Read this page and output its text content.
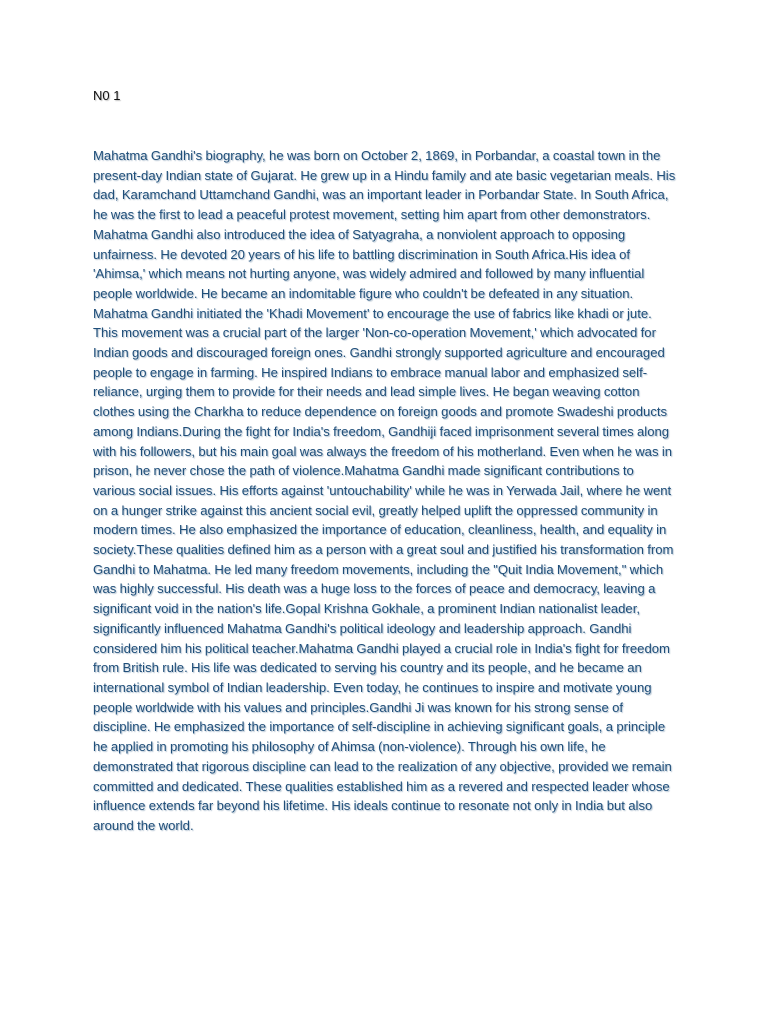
N0 1

Mahatma Gandhi's biography, he was born on October 2, 1869, in Porbandar, a coastal town in the present-day Indian state of Gujarat. He grew up in a Hindu family and ate basic vegetarian meals. His dad, Karamchand Uttamchand Gandhi, was an important leader in Porbandar State. In South Africa, he was the first to lead a peaceful protest movement, setting him apart from other demonstrators. Mahatma Gandhi also introduced the idea of Satyagraha, a nonviolent approach to opposing unfairness. He devoted 20 years of his life to battling discrimination in South Africa.His idea of 'Ahimsa,' which means not hurting anyone, was widely admired and followed by many influential people worldwide. He became an indomitable figure who couldn't be defeated in any situation. Mahatma Gandhi initiated the 'Khadi Movement' to encourage the use of fabrics like khadi or jute. This movement was a crucial part of the larger 'Non-co-operation Movement,' which advocated for Indian goods and discouraged foreign ones. Gandhi strongly supported agriculture and encouraged people to engage in farming. He inspired Indians to embrace manual labor and emphasized self-reliance, urging them to provide for their needs and lead simple lives. He began weaving cotton clothes using the Charkha to reduce dependence on foreign goods and promote Swadeshi products among Indians.During the fight for India's freedom, Gandhiji faced imprisonment several times along with his followers, but his main goal was always the freedom of his motherland. Even when he was in prison, he never chose the path of violence.Mahatma Gandhi made significant contributions to various social issues. His efforts against 'untouchability' while he was in Yerwada Jail, where he went on a hunger strike against this ancient social evil, greatly helped uplift the oppressed community in modern times. He also emphasized the importance of education, cleanliness, health, and equality in society.These qualities defined him as a person with a great soul and justified his transformation from Gandhi to Mahatma. He led many freedom movements, including the "Quit India Movement," which was highly successful. His death was a huge loss to the forces of peace and democracy, leaving a significant void in the nation's life.Gopal Krishna Gokhale, a prominent Indian nationalist leader, significantly influenced Mahatma Gandhi's political ideology and leadership approach. Gandhi considered him his political teacher.Mahatma Gandhi played a crucial role in India's fight for freedom from British rule. His life was dedicated to serving his country and its people, and he became an international symbol of Indian leadership. Even today, he continues to inspire and motivate young people worldwide with his values and principles.Gandhi Ji was known for his strong sense of discipline. He emphasized the importance of self-discipline in achieving significant goals, a principle he applied in promoting his philosophy of Ahimsa (non-violence). Through his own life, he demonstrated that rigorous discipline can lead to the realization of any objective, provided we remain committed and dedicated. These qualities established him as a revered and respected leader whose influence extends far beyond his lifetime. His ideals continue to resonate not only in India but also around the world.
